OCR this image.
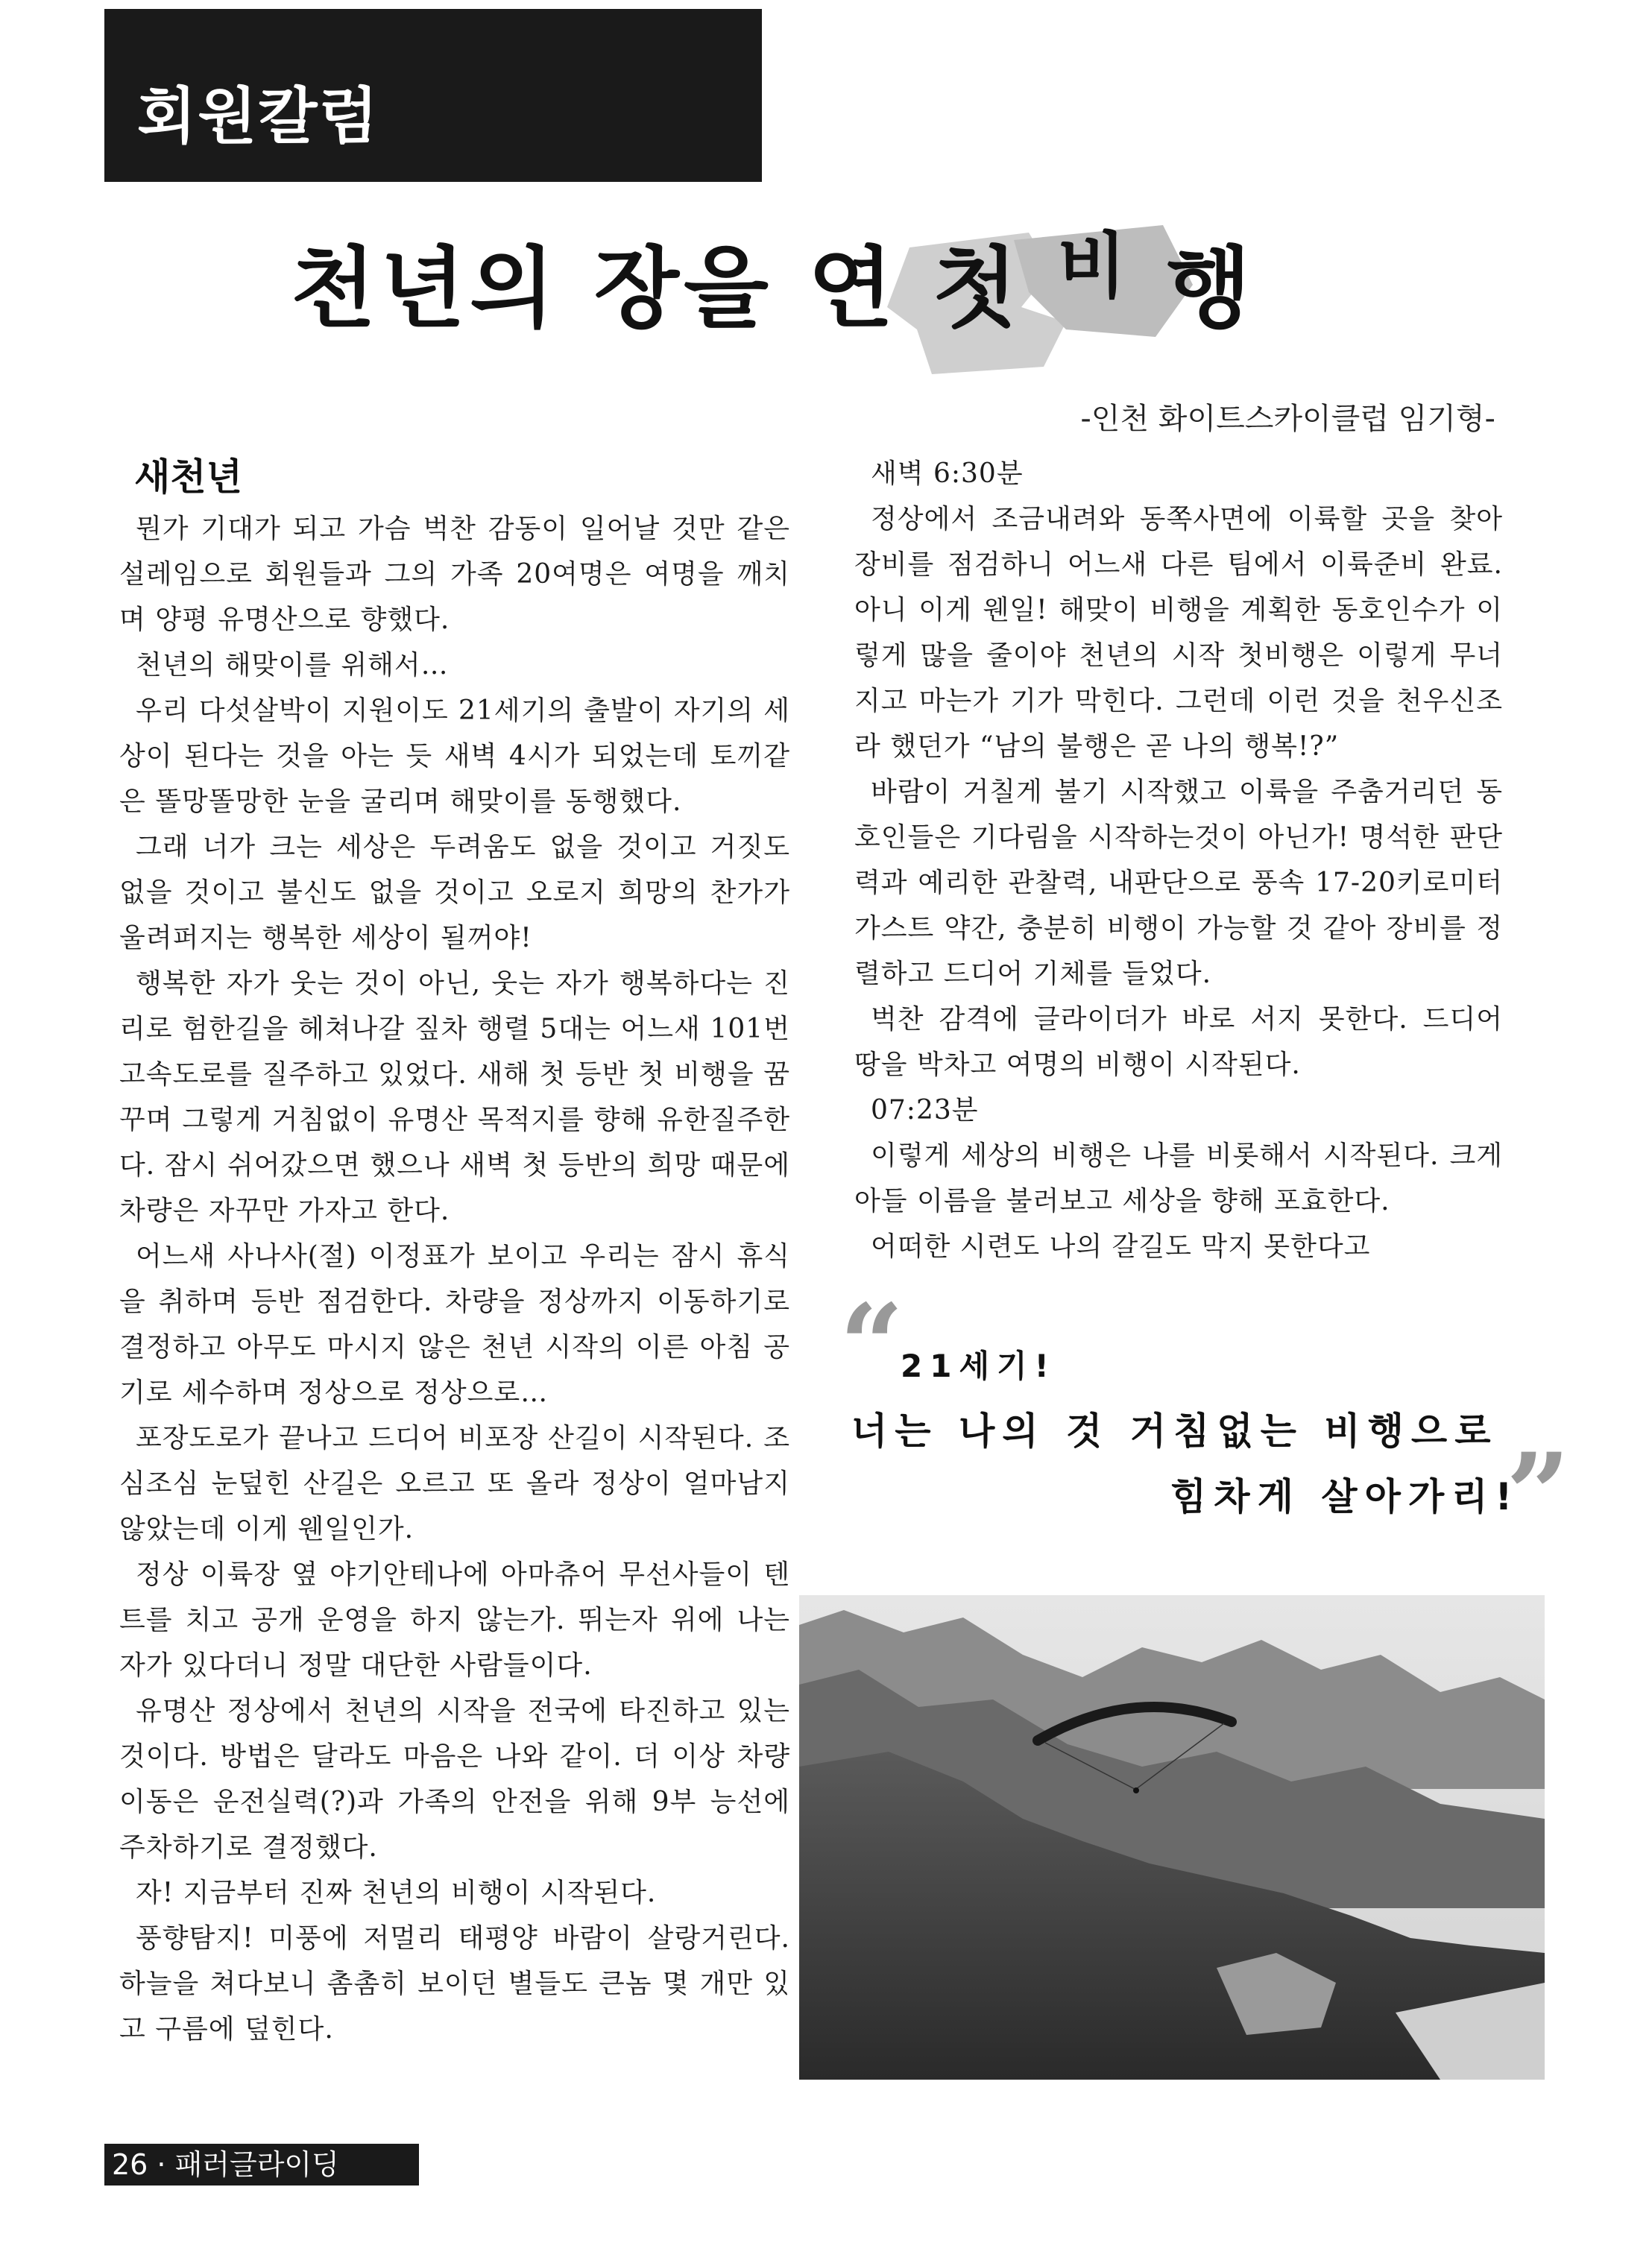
회원칼럼
천년의 장을 연 첫 비 행
-인천 화이트스카이클럽 임기형-
새천년

뭔가 기대가 되고 가슴 벅찬 감동이 일어날 것만 같은 설레임으로 회원들과 그의 가족 20여명은 여명을 깨치며 양평 유명산으로 향했다.

천년의 해맞이를 위해서…

우리 다섯살박이 지원이도 21세기의 출발이 자기의 세상이 된다는 것을 아는 듯 새벽 4시가 되었는데 토끼같은 똘망똘망한 눈을 굴리며 해맞이를 동행했다.

그래 너가 크는 세상은 두려움도 없을 것이고 거짓도 없을 것이고 불신도 없을 것이고 오로지 희망의 찬가가 울려퍼지는 행복한 세상이 될꺼야!

행복한 자가 웃는 것이 아닌, 웃는 자가 행복하다는 진리로 험한길을 헤쳐나갈 짚차 행렬 5대는 어느새 101번 고속도로를 질주하고 있었다. 새해 첫 등반 첫 비행을 꿈꾸며 그렇게 거침없이 유명산 목적지를 향해 유한질주한다. 잠시 쉬어갔으면 했으나 새벽 첫 등반의 희망 때문에 차량은 자꾸만 가자고 한다.

어느새 사나사(절) 이정표가 보이고 우리는 잠시 휴식을 취하며 등반 점검한다. 차량을 정상까지 이동하기로 결정하고 아무도 마시지 않은 천년 시작의 이른 아침 공기로 세수하며 정상으로 정상으로…

포장도로가 끝나고 드디어 비포장 산길이 시작된다. 조심조심 눈덮힌 산길은 오르고 또 올라 정상이 얼마남지 않았는데 이게 웬일인가.

정상 이륙장 옆 야기안테나에 아마츄어 무선사들이 텐트를 치고 공개 운영을 하지 않는가. 뛰는자 위에 나는 자가 있다더니 정말 대단한 사람들이다.

유명산 정상에서 천년의 시작을 전국에 타진하고 있는 것이다. 방법은 달라도 마음은 나와 같이. 더 이상 차량 이동은 운전실력(?)과 가족의 안전을 위해 9부 능선에 주차하기로 결정했다.

자! 지금부터 진짜 천년의 비행이 시작된다.

풍향탐지! 미풍에 저멀리 태평양 바람이 살랑거린다. 하늘을 쳐다보니 촘촘히 보이던 별들도 큰놈 몇 개만 있고 구름에 덮힌다.

새벽 6:30분

정상에서 조금내려와 동쪽사면에 이륙할 곳을 찾아 장비를 점검하니 어느새 다른 팀에서 이륙준비 완료. 아니 이게 웬일! 해맞이 비행을 계획한 동호인수가 이렇게 많을 줄이야 천년의 시작 첫비행은 이렇게 무너지고 마는가 기가 막힌다. 그런데 이런 것을 천우신조라 했던가 “남의 불행은 곧 나의 행복!?”

바람이 거칠게 불기 시작했고 이륙을 주춤거리던 동호인들은 기다림을 시작하는것이 아닌가! 명석한 판단력과 예리한 관찰력, 내판단으로 풍속 17-20키로미터 가스트 약간, 충분히 비행이 가능할 것 같아 장비를 정렬하고 드디어 기체를 들었다.

벅찬 감격에 글라이더가 바로 서지 못한다. 드디어 땅을 박차고 여명의 비행이 시작된다.

07:23분

이렇게 세상의 비행은 나를 비롯해서 시작된다. 크게 아들 이름을 불러보고 세상을 향해 포효한다.

어떠한 시련도 나의 갈길도 막지 못한다고

“
21세기!
너는 나의 것 거침없는 비행으로
힘차게 살아가리!
”
26 · 패러글라이딩
